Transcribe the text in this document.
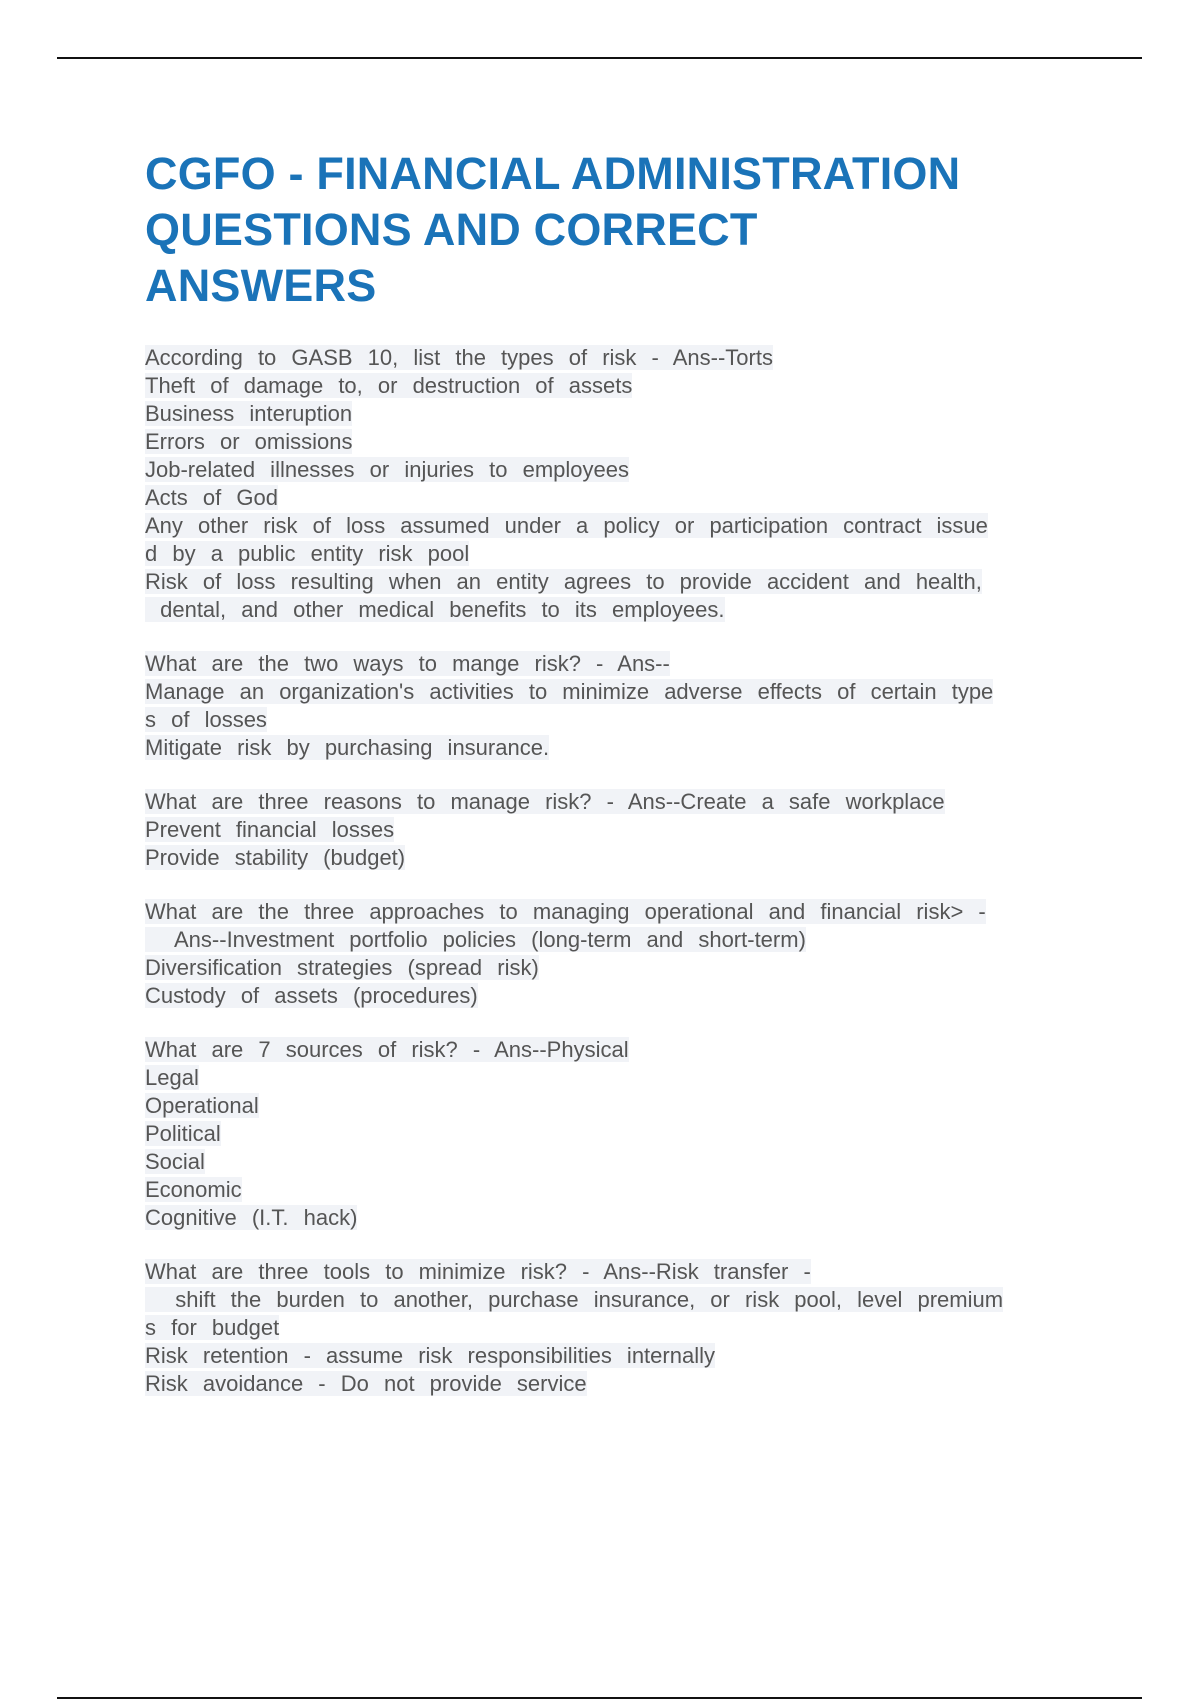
CGFO - FINANCIAL ADMINISTRATION
QUESTIONS AND CORRECT
ANSWERS
According to GASB 10, list the types of risk - Ans--Torts
Theft of damage to, or destruction of assets
Business interuption
Errors or omissions
Job-related illnesses or injuries to employees
Acts of God
Any other risk of loss assumed under a policy or participation contract issue
d by a public entity risk pool
Risk of loss resulting when an entity agrees to provide accident and health,
dental, and other medical benefits to its employees.
What are the two ways to mange risk? - Ans--
Manage an organization's activities to minimize adverse effects of certain type
s of losses
Mitigate risk by purchasing insurance.
What are three reasons to manage risk? - Ans--Create a safe workplace
Prevent financial losses
Provide stability (budget)
What are the three approaches to managing operational and financial risk> -
Ans--Investment portfolio policies (long-term and short-term)
Diversification strategies (spread risk)
Custody of assets (procedures)
What are 7 sources of risk? - Ans--Physical
Legal
Operational
Political
Social
Economic
Cognitive (I.T. hack)
What are three tools to minimize risk? - Ans--Risk transfer -
shift the burden to another, purchase insurance, or risk pool, level premium
s for budget
Risk retention - assume risk responsibilities internally
Risk avoidance - Do not provide service
